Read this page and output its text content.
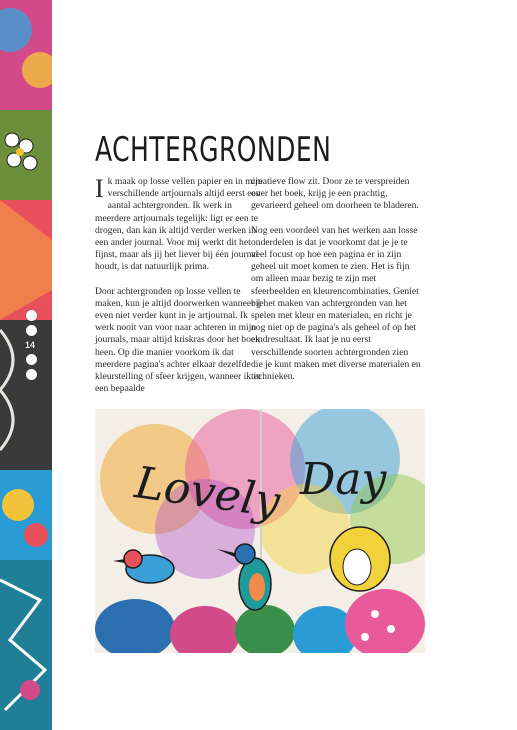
14
ACHTERGRONDEN

Ik maak op losse vellen papier en in mijn verschillende artjournals altijd eerst een aantal achtergronden. Ik werk in meerdere artjournals tegelijk: ligt er een te drogen, dan kan ik altijd verder werken in een ander journal. Voor mij werkt dit het fijnst, maar als jij het liever bij één journal houdt, is dat natuurlijk prima.

Door achtergronden op losse vellen te maken, kun je altijd doorwerken wanneer je even niet verder kunt in je artjournal. Ik werk nooit van voor naar achteren in mijn journals, maar altijd kriskras door het boek heen. Op die manier voorkom ik dat meerdere pagina's achter elkaar dezelfde kleurstelling of sfeer krijgen, wanneer ik in een bepaalde

creatieve flow zit. Door ze te verspreiden over het boek, krijg je een prachtig, gevarieerd geheel om doorheen te bladeren.

Nog een voordeel van het werken aan losse onderdelen is dat je voorkomt dat je je te veel focust op hoe een pagina er in zijn geheel uit moet komen te zien. Het is fijn om alleen maar bezig te zijn met sfeerbeelden en kleurencombinaties. Geniet bij het maken van achtergronden van het spelen met kleur en materialen, en richt je nog niet op de pagina's als geheel of op het eindresultaat. Ik laat je nu eerst verschillende soorten achtergronden zien die je kunt maken met diverse materialen en technieken.

Lovely Day
